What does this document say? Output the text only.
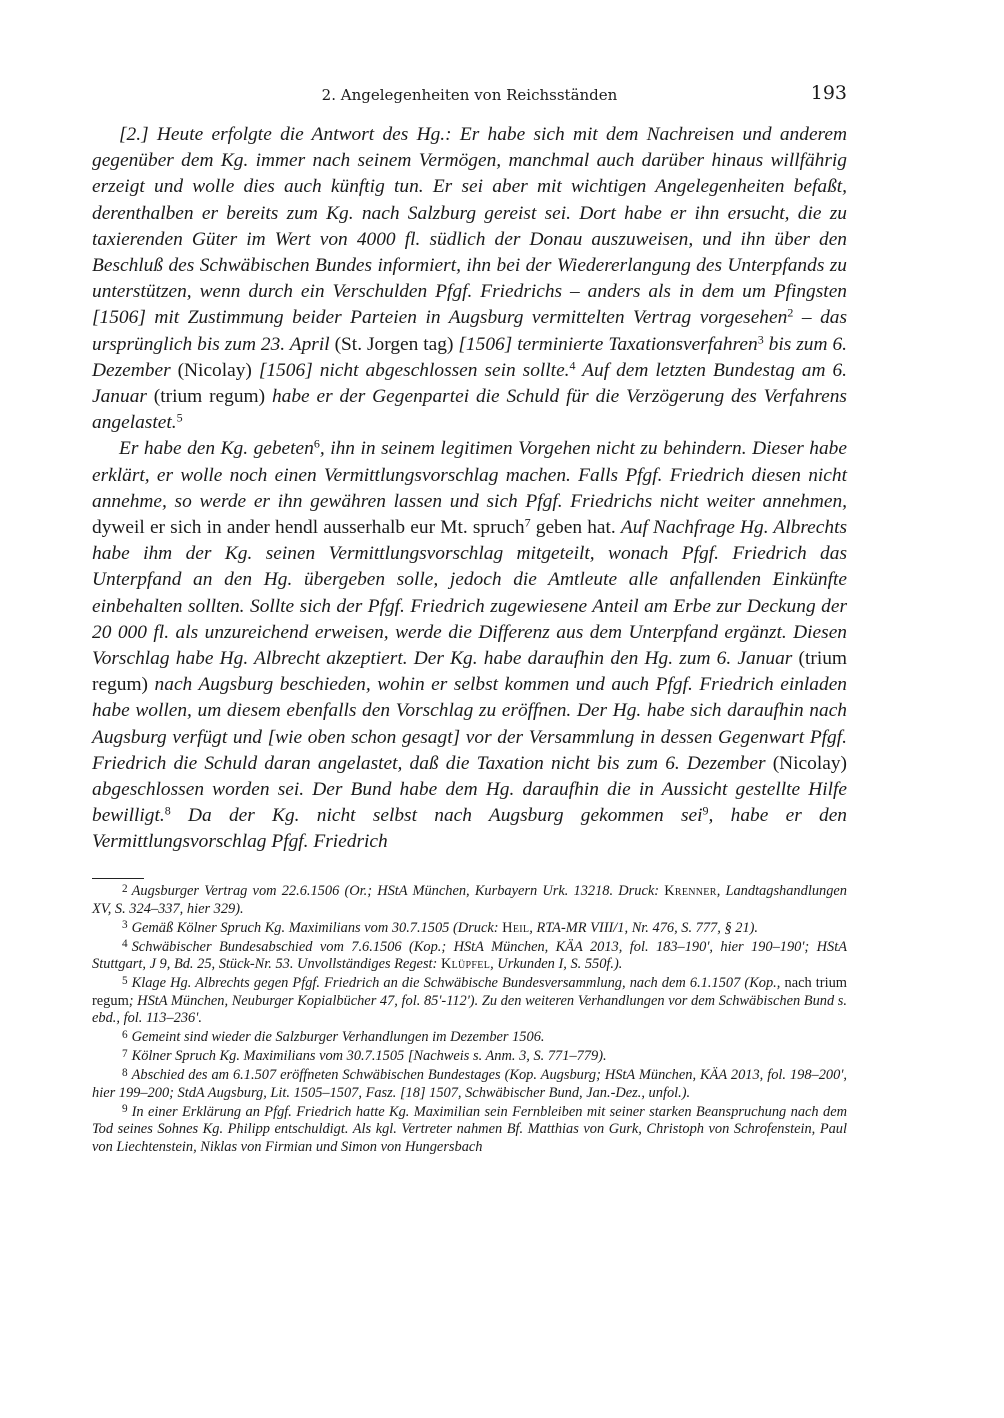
2. Angelegenheiten von Reichsständen	193

[2.] Heute erfolgte die Antwort des Hg.: Er habe sich mit dem Nachreisen und anderem gegenüber dem Kg. immer nach seinem Vermögen, manchmal auch darüber hinaus willfährig erzeigt und wolle dies auch künftig tun. Er sei aber mit wichtigen Angelegenheiten befaßt, derenthalben er bereits zum Kg. nach Salzburg gereist sei. Dort habe er ihn ersucht, die zu taxierenden Güter im Wert von 4000 fl. südlich der Donau auszuweisen, und ihn über den Beschluß des Schwäbischen Bundes informiert, ihn bei der Wiedererlangung des Unterpfands zu unterstützen, wenn durch ein Verschulden Pfgf. Friedrichs – anders als in dem um Pfingsten [1506] mit Zustimmung beider Parteien in Augsburg vermittelten Vertrag vorgesehen$^2$ – das ursprünglich bis zum 23. April (St. Jorgen tag) [1506] terminierte Taxationsverfahren$^3$ bis zum 6. Dezember (Nicolay) [1506] nicht abgeschlossen sein sollte.$^4$ Auf dem letzten Bundestag am 6. Januar (trium regum) habe er der Gegenpartei die Schuld für die Verzögerung des Verfahrens angelastet.$^5$

Er habe den Kg. gebeten$^6$, ihn in seinem legitimen Vorgehen nicht zu behindern. Dieser habe erklärt, er wolle noch einen Vermittlungsvorschlag machen. Falls Pfgf. Friedrich diesen nicht annehme, so werde er ihn gewähren lassen und sich Pfgf. Friedrichs nicht weiter annehmen, dyweil er sich in ander hendl ausserhalb eur Mt. spruch$^7$ geben hat. Auf Nachfrage Hg. Albrechts habe ihm der Kg. seinen Vermittlungsvorschlag mitgeteilt, wonach Pfgf. Friedrich das Unterpfand an den Hg. übergeben solle, jedoch die Amtleute alle anfallenden Einkünfte einbehalten sollten. Sollte sich der Pfgf. Friedrich zugewiesene Anteil am Erbe zur Deckung der 20 000 fl. als unzureichend erweisen, werde die Differenz aus dem Unterpfand ergänzt. Diesen Vorschlag habe Hg. Albrecht akzeptiert. Der Kg. habe daraufhin den Hg. zum 6. Januar (trium regum) nach Augsburg beschieden, wohin er selbst kommen und auch Pfgf. Friedrich einladen habe wollen, um diesem ebenfalls den Vorschlag zu eröffnen. Der Hg. habe sich daraufhin nach Augsburg verfügt und [wie oben schon gesagt] vor der Versammlung in dessen Gegenwart Pfgf. Friedrich die Schuld daran angelastet, daß die Taxation nicht bis zum 6. Dezember (Nicolay) abgeschlossen worden sei. Der Bund habe dem Hg. daraufhin die in Aussicht gestellte Hilfe bewilligt.$^8$ Da der Kg. nicht selbst nach Augsburg gekommen sei$^9$, habe er den Vermittlungsvorschlag Pfgf. Friedrich

$^2$ Augsburger Vertrag vom 22.6.1506 (Or.; HStA München, Kurbayern Urk. 13218. Druck: Krenner, Landtagshandlungen XV, S. 324–337, hier 329).

$^3$ Gemäß Kölner Spruch Kg. Maximilians vom 30.7.1505 (Druck: Heil, RTA-MR VIII/1, Nr. 476, S. 777, § 21).

$^4$ Schwäbischer Bundesabschied vom 7.6.1506 (Kop.; HStA München, KÄA 2013, fol. 183–190', hier 190–190'; HStA Stuttgart, J 9, Bd. 25, Stück-Nr. 53. Unvollständiges Regest: Klüpfel, Urkunden I, S. 550f.).

$^5$ Klage Hg. Albrechts gegen Pfgf. Friedrich an die Schwäbische Bundesversammlung, nach dem 6.1.1507 (Kop., nach trium regum; HStA München, Neuburger Kopialbücher 47, fol. 85'-112'). Zu den weiteren Verhandlungen vor dem Schwäbischen Bund s. ebd., fol. 113–236'.

$^6$ Gemeint sind wieder die Salzburger Verhandlungen im Dezember 1506.

$^7$ Kölner Spruch Kg. Maximilians vom 30.7.1505 [Nachweis s. Anm. 3, S. 771–779).

$^8$ Abschied des am 6.1.507 eröffneten Schwäbischen Bundestages (Kop. Augsburg; HStA München, KÄA 2013, fol. 198–200', hier 199–200; StdA Augsburg, Lit. 1505–1507, Fasz. [18] 1507, Schwäbischer Bund, Jan.-Dez., unfol.).

$^9$ In einer Erklärung an Pfgf. Friedrich hatte Kg. Maximilian sein Fernbleiben mit seiner starken Beanspruchung nach dem Tod seines Sohnes Kg. Philipp entschuldigt. Als kgl. Vertreter nahmen Bf. Matthias von Gurk, Christoph von Schrofenstein, Paul von Liechtenstein, Niklas von Firmian und Simon von Hungersbach
